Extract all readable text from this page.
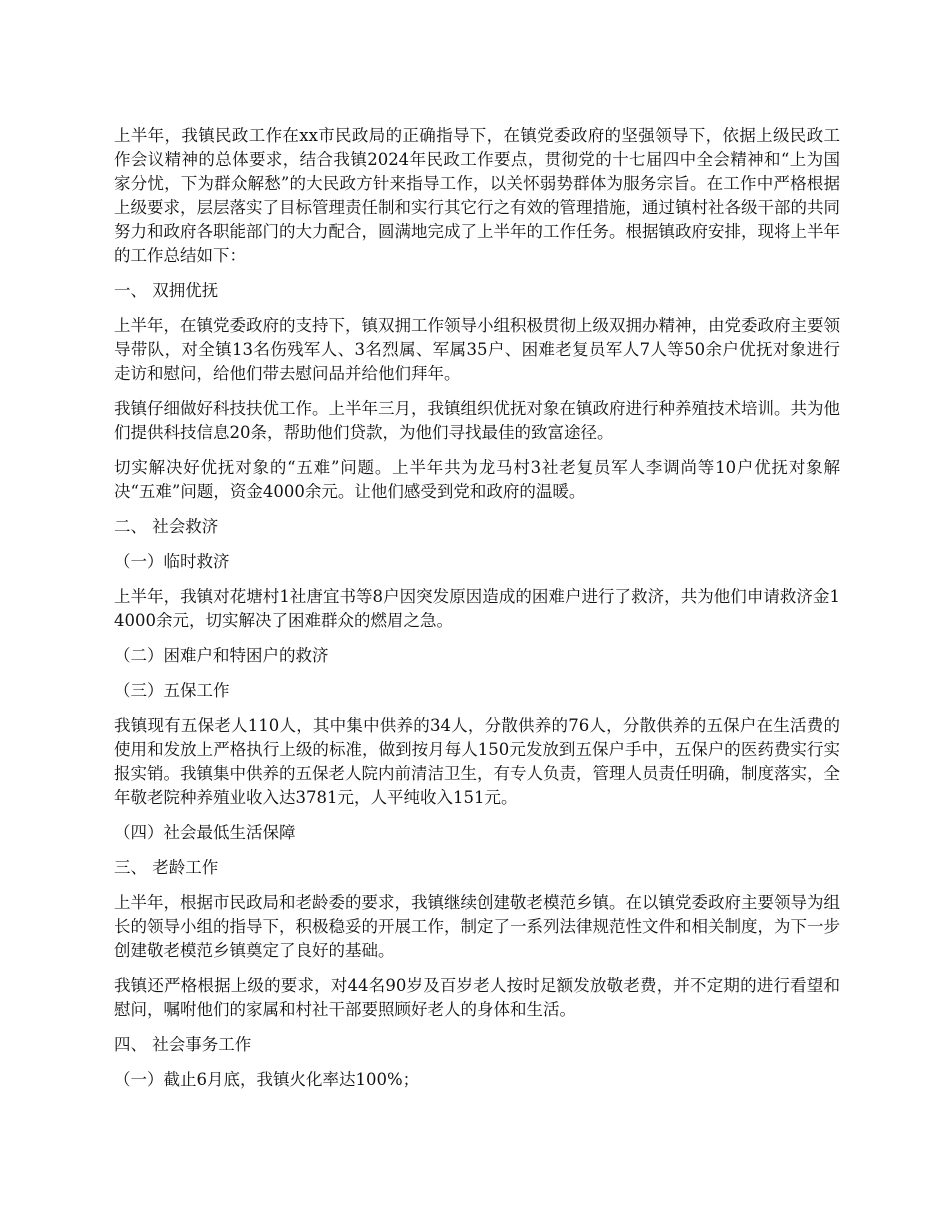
上半年，我镇民政工作在xx市民政局的正确指导下，在镇党委政府的坚强领导下，依据上级民政工作会议精神的总体要求，结合我镇2024年民政工作要点，贯彻党的十七届四中全会精神和“上为国家分忧，下为群众解愁”的大民政方针来指导工作，以关怀弱势群体为服务宗旨。在工作中严格根据上级要求，层层落实了目标管理责任制和实行其它行之有效的管理措施，通过镇村社各级干部的共同努力和政府各职能部门的大力配合，圆满地完成了上半年的工作任务。根据镇政府安排，现将上半年的工作总结如下：

一、 双拥优抚

上半年，在镇党委政府的支持下，镇双拥工作领导小组积极贯彻上级双拥办精神，由党委政府主要领导带队，对全镇13名伤残军人、3名烈属、军属35户、困难老复员军人7人等50余户优抚对象进行走访和慰问，给他们带去慰问品并给他们拜年。

我镇仔细做好科技扶优工作。上半年三月，我镇组织优抚对象在镇政府进行种养殖技术培训。共为他们提供科技信息20条，帮助他们贷款，为他们寻找最佳的致富途径。

切实解决好优抚对象的“五难”问题。上半年共为龙马村3社老复员军人李调尚等10户优抚对象解决“五难”问题，资金4000余元。让他们感受到党和政府的温暖。

二、 社会救济

（一）临时救济

上半年，我镇对花塘村1社唐宜书等8户因突发原因造成的困难户进行了救济，共为他们申请救济金14000余元，切实解决了困难群众的燃眉之急。

（二）困难户和特困户的救济

（三）五保工作

我镇现有五保老人110人，其中集中供养的34人，分散供养的76人，分散供养的五保户在生活费的使用和发放上严格执行上级的标准，做到按月每人150元发放到五保户手中，五保户的医药费实行实报实销。我镇集中供养的五保老人院内前清洁卫生，有专人负责，管理人员责任明确，制度落实，全年敬老院种养殖业收入达3781元，人平纯收入151元。

（四）社会最低生活保障

三、 老龄工作

上半年，根据市民政局和老龄委的要求，我镇继续创建敬老模范乡镇。在以镇党委政府主要领导为组长的领导小组的指导下，积极稳妥的开展工作，制定了一系列法律规范性文件和相关制度，为下一步创建敬老模范乡镇奠定了良好的基础。

我镇还严格根据上级的要求，对44名90岁及百岁老人按时足额发放敬老费，并不定期的进行看望和慰问，嘱咐他们的家属和村社干部要照顾好老人的身体和生活。

四、 社会事务工作

（一）截止6月底，我镇火化率达100%；
